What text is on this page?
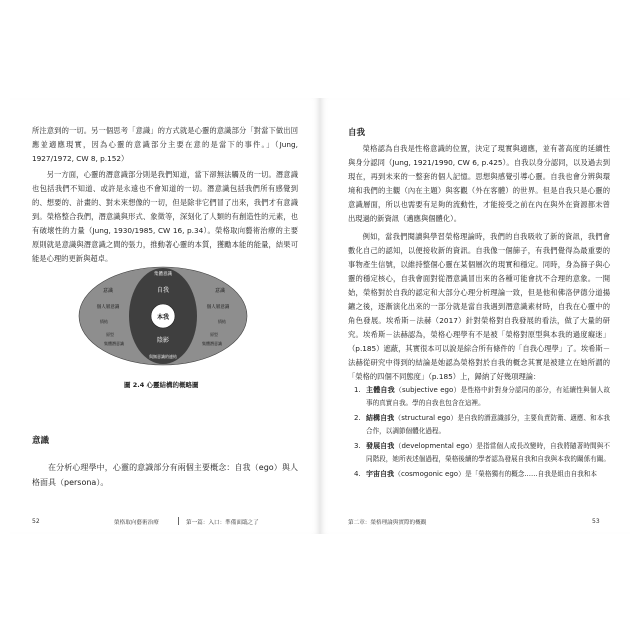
所注意到的一切。另一個思考「意識」的方式就是心靈的意識部分「對當下做出回應並適應現實，因為心靈的意識部分主要在意的是當下的事件。」（Jung, 1927/1972, CW 8, p.152）

另一方面，心靈的潛意識部分則是我們知道，當下卻無法觸及的一切。潛意識也包括我們不知道、或許是永遠也不會知道的一切。潛意識包括我們所有感覺到的、想要的、計畫的、對未來想像的一切，但是除非它們冒了出來，我們才有意識到。榮格整合我們，潛意識與形式、象徵等，深刻化了人類的有創造性的元素，也有破壞性的力量（Jung, 1930/1985, CW 16, p.34）。榮格取向藝術治療的主要原則就是意識與潛意識之間的張力，推動著心靈的本質，獲勵本能的能量，結果可能是心理的更新與超卓。

集體意識
自我
本我
陰影
與無意識的連結
意識
個人層意識
情結
原型
集體潛意識
意識
個人層意識
情結
原型
集體潛意識
圖 2.4 心靈結構的概略圖
意識

在分析心理學中，心靈的意識部分有兩個主要概念：自我（ego）與人格面具（persona）。

52	榮格取向藝術治療	第一篇：入口：準備面臨之了
自我

榮格認為自我是性格意識的位置，決定了現實與適應，並有著高度的延續性與身分認同（Jung, 1921/1990, CW 6, p.425）。自我以身分認同，以及過去到現在，再到未來的一整套的個人記憶。思想與感覺引導心靈。自我也會分辨與環境和我們的主觀（內在主題）與客觀（外在客體）的世界。但是自我只是心靈的意識層面，所以也需要有足夠的流動性，才能接受之前在內在與外在資源都未曾出現過的新資訊（邁應與個體化）。

例如，當我們閱讀與學習榮格理論時，我們的自我吸收了新的資訊，我們會數化自己的認知，以便接收新的資訊。自我像一個篩子，有我們覺得為最重要的事物產生信號，以維持整個心靈在某個層次的現實和穩定。同時，身為篩子與心靈的穩定核心，自我會面對從潛意識冒出來的各種可能會扰不合理的意象。一開始，榮格對於自我的認定和大部分心理分析理論一致，但是他和佛洛伊德分道揚鑣之後，逐漸演化出來的一部分就是當自我遇到潛意識素材時，自我在心靈中的角色發展。埃希斯－法赫（2017）針對榮格對自我發展的看法，做了大量的研究。埃希斯－法赫認為，榮格心理學有不是被「榮格對原型與本我的過度癡迷」（p.185）遮蔽，其實很本可以說是綜合所有條件的「自我心理學」了。埃希斯－法赫從研究中得到的結論是她認為榮格對於自我的概念其實是被建立在她所謂的「榮格的四個不同態度」（p.185）上，歸納了好幾項理論：

1. 主體自我（subjective ego）是性格中針對身分認同的部分，有延續性與個人故事的真實自我。學的自我也包含在這裡。
2. 結構自我（structural ego）是自我的潛意識部分，主要負責防衛、適應、和本我合作，以調節個體化過程。
3. 發展自我（developmental ego）是指當個人成長改變時，自我將隨著時間與不同階段，她所表述個過程，榮格後續的學者認為發展自我和自我與本我的關係有關。
4. 宇宙自我（cosmogonic ego）是「榮格獨有的概念……自我是組由自我和本
第二章：榮格理論與實際的概觀	53
